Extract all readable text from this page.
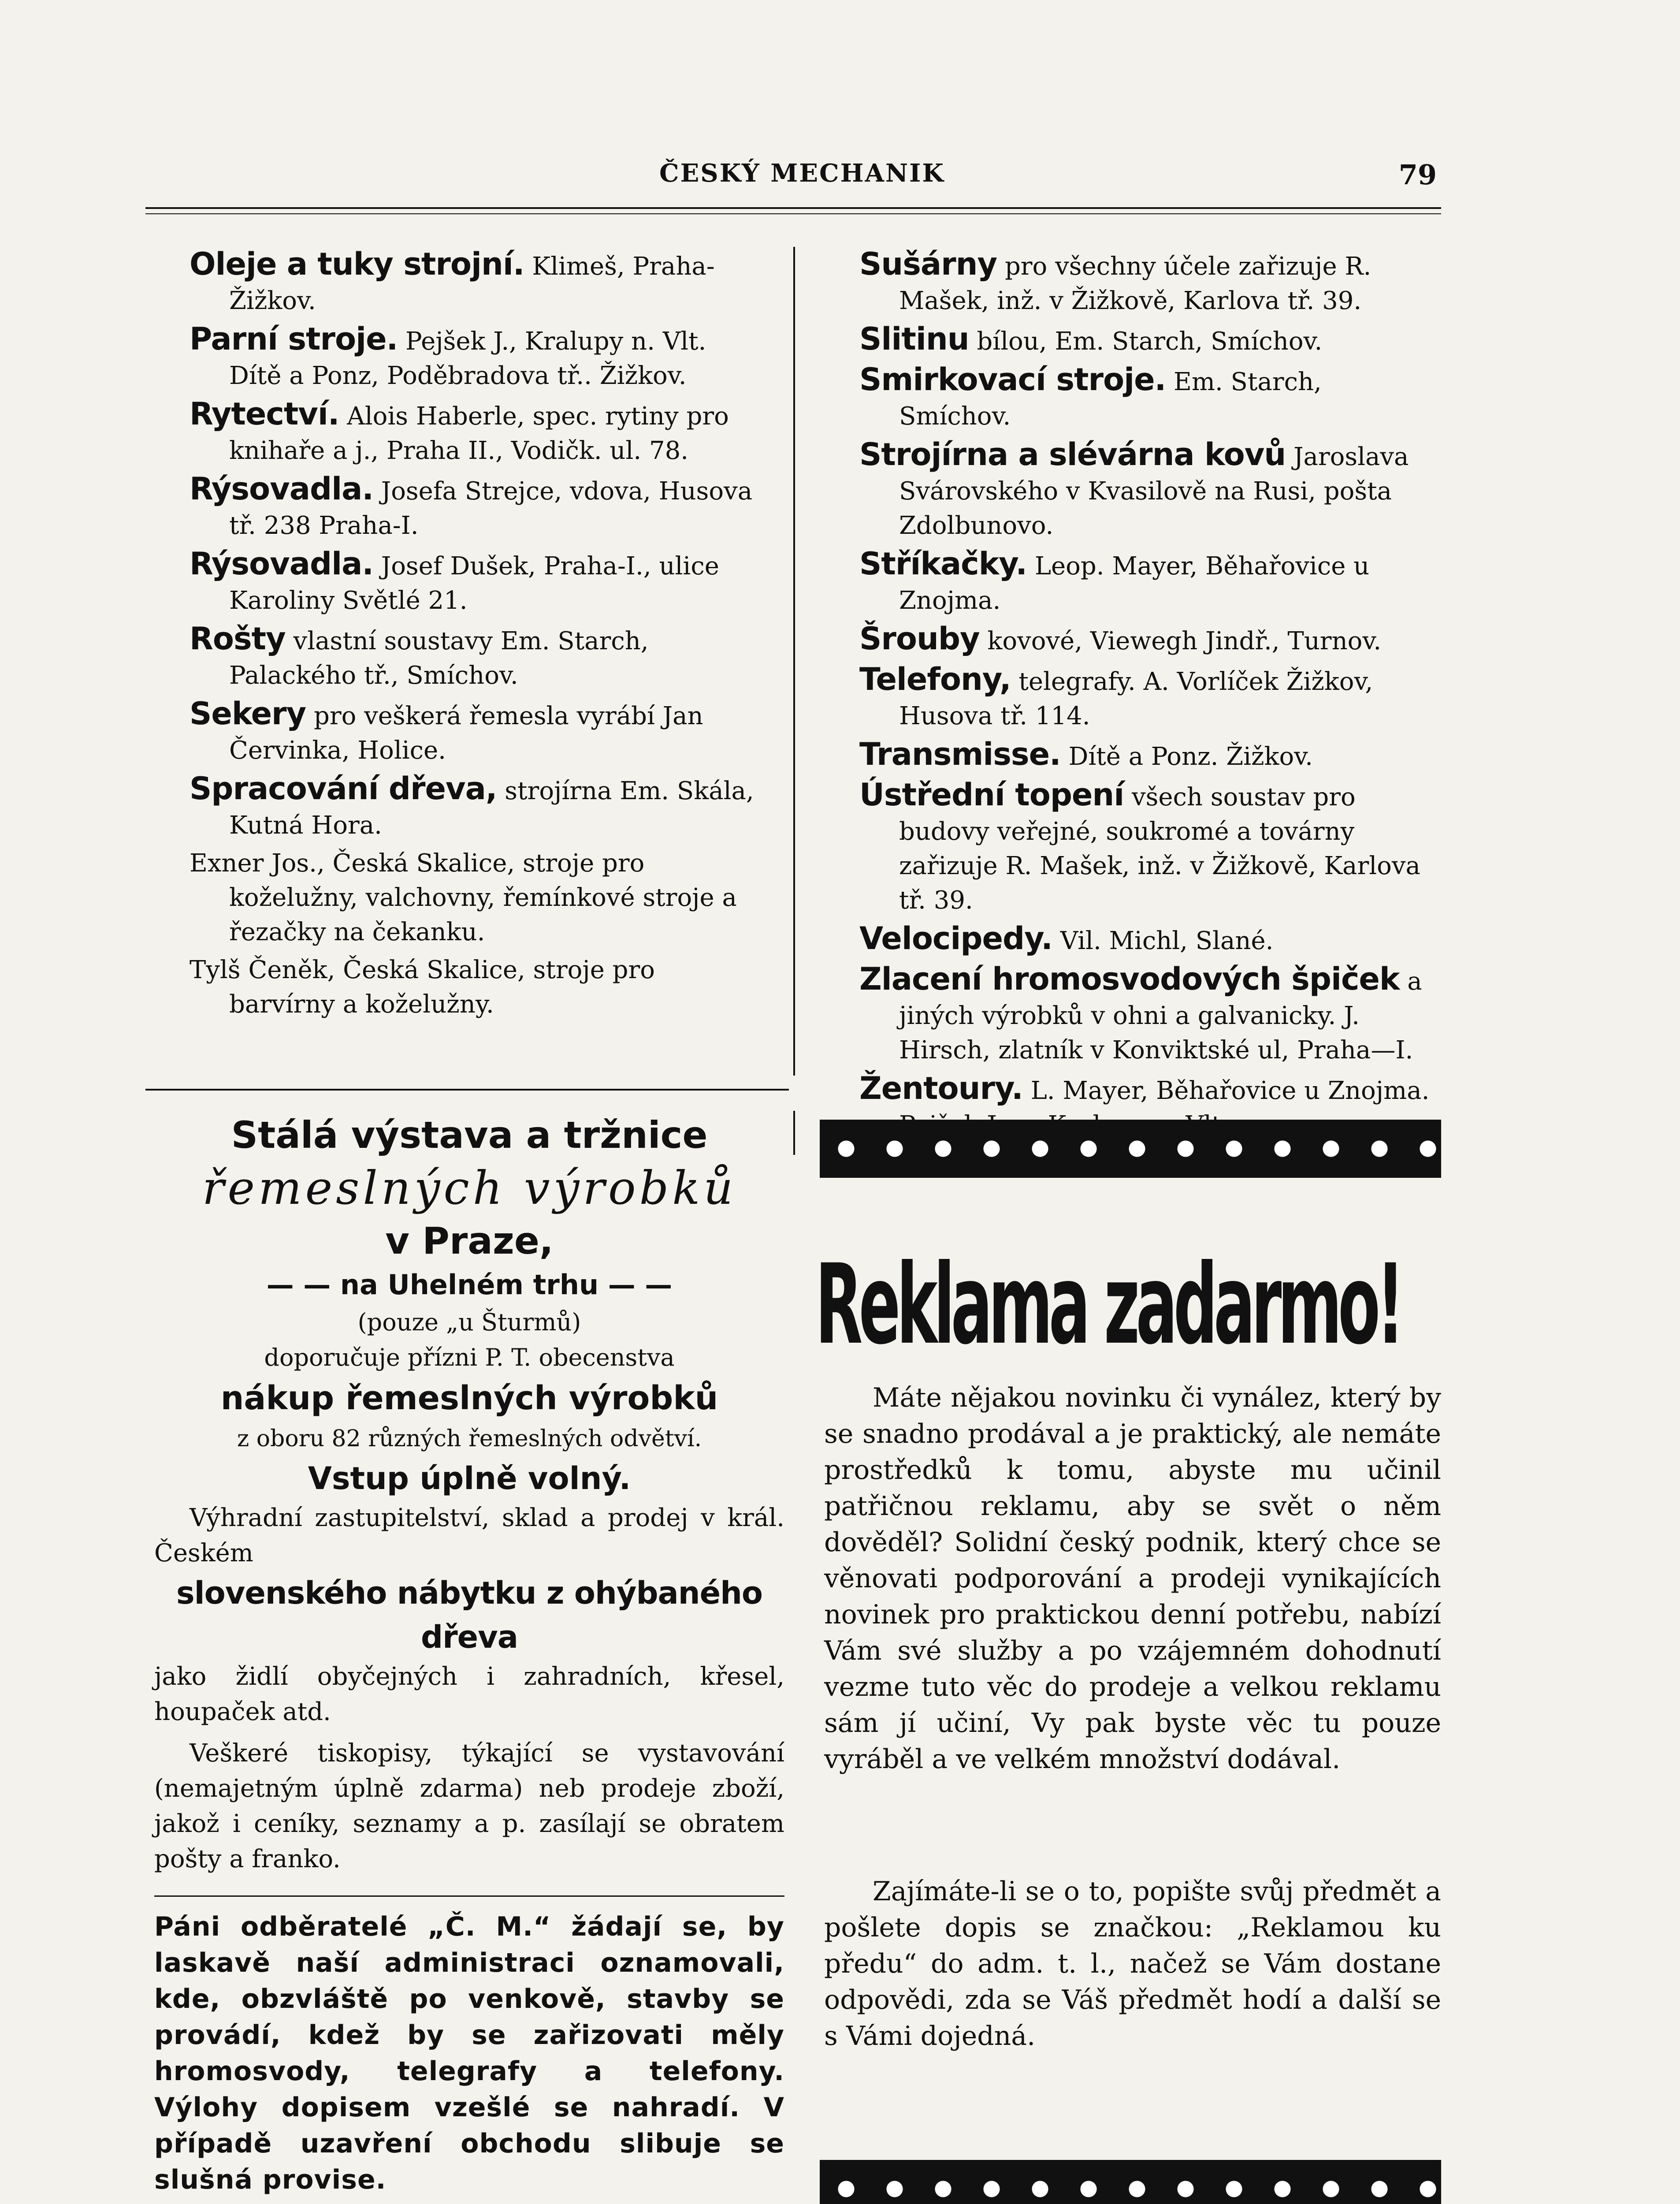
ČESKÝ MECHANIK	79
Oleje a tuky strojní. Klimeš, Praha-Žižkov.
Parní stroje. Pejšek J., Kralupy n. Vlt. Dítě a Ponz, Poděbradova tř.. Žižkov.
Rytectví. Alois Haberle, spec. rytiny pro knihaře a j., Praha II., Vodičk. ul. 78.
Rýsovadla. Josefa Strejce, vdova, Husova tř. 238 Praha-I.
Rýsovadla. Josef Dušek, Praha-I., ulice Karoliny Světlé 21.
Rošty vlastní soustavy Em. Starch, Palackého tř., Smíchov.
Sekery pro veškerá řemesla vyrábí Jan Červinka, Holice.
Spracování dřeva, strojírna Em. Skála, Kutná Hora.
Exner Jos., Česká Skalice, stroje pro koželužny, valchovny, řemínkové stroje a řezačky na čekanku.
Tylš Čeněk, Česká Skalice, stroje pro barvírny a koželužny.
Sušárny pro všechny účele zařizuje R. Mašek, inž. v Žižkově, Karlova tř. 39.
Slitinu bílou, Em. Starch, Smíchov.
Smirkovací stroje. Em. Starch, Smíchov.
Strojírna a slévárna kovů Jaroslava Svárovského v Kvasilově na Rusi, pošta Zdolbunovo.
Stříkačky. Leop. Mayer, Běhařovice u Znojma.
Šrouby kovové, Viewegh Jindř., Turnov.
Telefony, telegrafy. A. Vorlíček Žižkov, Husova tř. 114.
Transmisse. Dítě a Ponz. Žižkov.
Ústřední topení všech soustav pro budovy veřejné, soukromé a továrny zařizuje R. Mašek, inž. v Žižkově, Karlova tř. 39.
Velocipedy. Vil. Michl, Slané.
Zlacení hromosvodových špiček a jiných výrobků v ohni a galvanicky. J. Hirsch, zlatník v Konviktské ul, Praha—I.
Žentoury. L. Mayer, Běhařovice u Znojma.
Stálá výstava a tržnice
řemeslných výrobků
v Praze,
— — na Uhelném trhu — —
(pouze „u Šturmů)
doporučuje přízni P. T. obecenstva
nákup řemeslných výrobků
z oboru 82 různých řemeslných odvětví.
Vstup úplně volný.
Výhradní zastupitelství, sklad a prodej v král. Českém
slovenského nábytku z ohýbaného dřeva
jako židlí obyčejných i zahradních, křesel, houpaček atd.
Veškeré tiskopisy, týkající se vystavování (nemajetným úplně zdarma) neb prodeje zboží, jakož i ceníky, seznamy a p. zasílají se obratem pošty a franko.
Páni odběratelé „Č. M.“ žádají se, by laskavě naší administraci oznamovali, kde, obzvláště po venkově, stavby se provádí, kdež by se zařizovati měly hromosvody, telegrafy a telefony. Výlohy dopisem vzešlé se nahradí. V případě uzavření obchodu slibuje se slušná provise.
Reklama zadarmo!
Máte nějakou novinku či vynález, který by se snadno prodával a je praktický, ale nemáte prostředků k tomu, abyste mu učinil patřičnou reklamu, aby se svět o něm dověděl? Solidní český podnik, který chce se věnovati podporování a prodeji vynikajících novinek pro praktickou denní potřebu, nabízí Vám své služby a po vzájemném dohodnutí vezme tuto věc do prodeje a velkou reklamu sám jí učiní, Vy pak byste věc tu pouze vyráběl a ve velkém množství dodával.
Zajímáte-li se o to, popište svůj předmět a pošlete dopis se značkou: „Reklamou ku předu“ do adm. t. l., načež se Vám dostane odpovědi, zda se Váš předmět hodí a další se s Vámi dojedná.
